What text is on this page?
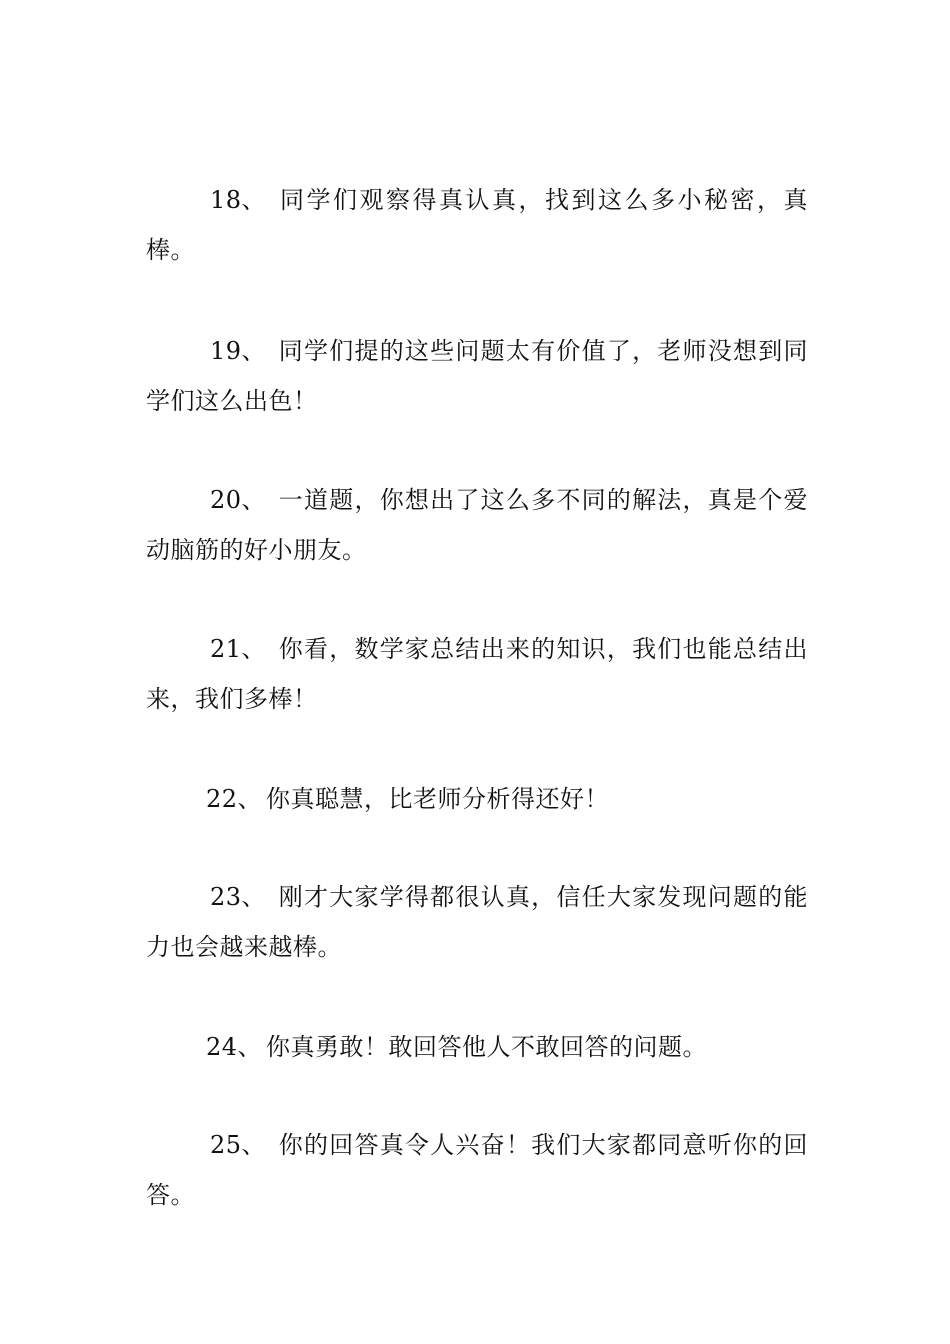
18、 同学们观察得真认真，找到这么多小秘密，真棒。
19、 同学们提的这些问题太有价值了，老师没想到同学们这么出色！
20、 一道题，你想出了这么多不同的解法，真是个爱动脑筋的好小朋友。
21、 你看，数学家总结出来的知识，我们也能总结出来，我们多棒！
22、 你真聪慧，比老师分析得还好！
23、 刚才大家学得都很认真，信任大家发现问题的能力也会越来越棒。
24、 你真勇敢！敢回答他人不敢回答的问题。
25、 你的回答真令人兴奋！我们大家都同意听你的回答。
